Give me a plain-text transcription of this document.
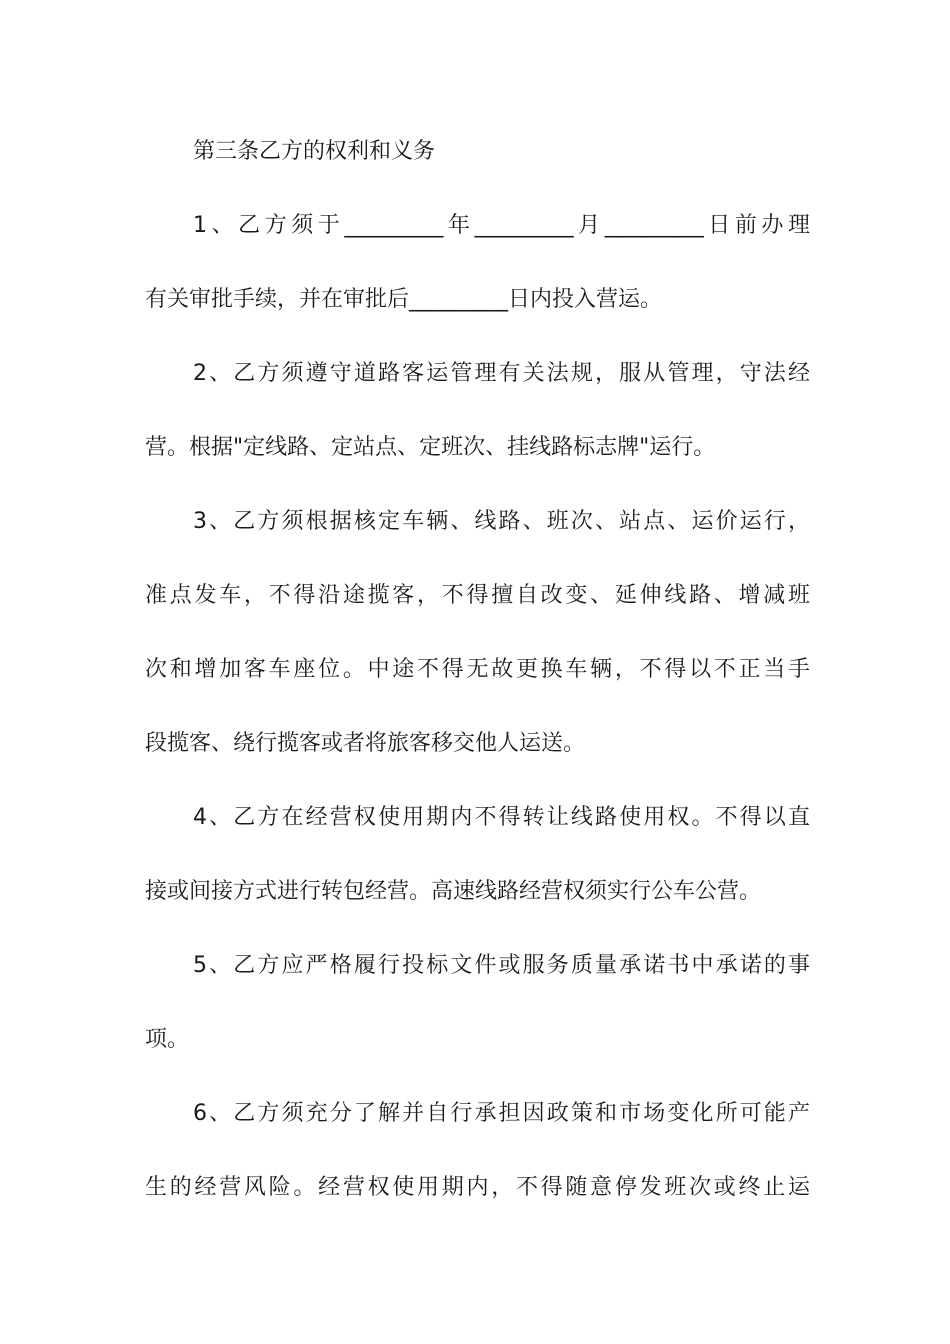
第三条乙方的权利和义务
1、乙方须于_________年_________月_________日前办理
有关审批手续，并在审批后_________日内投入营运。
2、乙方须遵守道路客运管理有关法规，服从管理，守法经
营。根据"定线路、定站点、定班次、挂线路标志牌"运行。
3、乙方须根据核定车辆、线路、班次、站点、运价运行，
准点发车，不得沿途揽客，不得擅自改变、延伸线路、增减班
次和增加客车座位。中途不得无故更换车辆，不得以不正当手
段揽客、绕行揽客或者将旅客移交他人运送。
4、乙方在经营权使用期内不得转让线路使用权。不得以直
接或间接方式进行转包经营。高速线路经营权须实行公车公营。
5、乙方应严格履行投标文件或服务质量承诺书中承诺的事
项。
6、乙方须充分了解并自行承担因政策和市场变化所可能产
生的经营风险。经营权使用期内，不得随意停发班次或终止运
